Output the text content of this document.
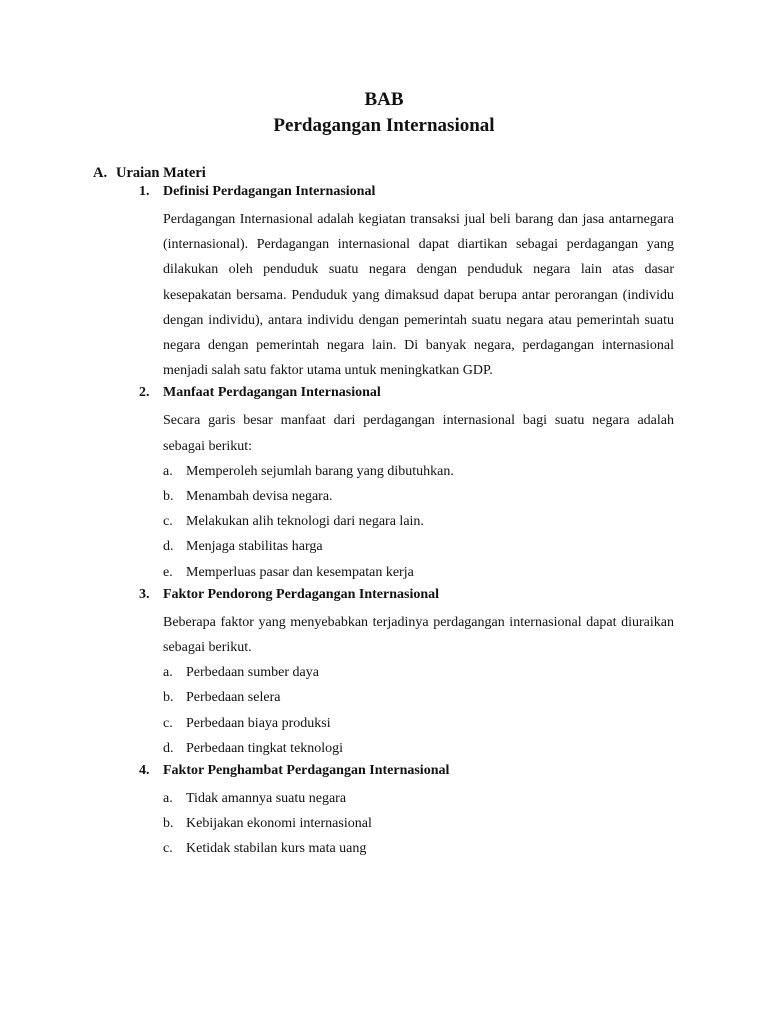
BAB
Perdagangan Internasional
A. Uraian Materi
1. Definisi Perdagangan Internasional

Perdagangan Internasional adalah kegiatan transaksi jual beli barang dan jasa antarnegara (internasional). Perdagangan internasional dapat diartikan sebagai perdagangan yang dilakukan oleh penduduk suatu negara dengan penduduk negara lain atas dasar kesepakatan bersama. Penduduk yang dimaksud dapat berupa antar perorangan (individu dengan individu), antara individu dengan pemerintah suatu negara atau pemerintah suatu negara dengan pemerintah negara lain. Di banyak negara, perdagangan internasional menjadi salah satu faktor utama untuk meningkatkan GDP.

2. Manfaat Perdagangan Internasional

Secara garis besar manfaat dari perdagangan internasional bagi suatu negara adalah sebagai berikut:

a. Memperoleh sejumlah barang yang dibutuhkan.
b. Menambah devisa negara.
c. Melakukan alih teknologi dari negara lain.
d. Menjaga stabilitas harga
e. Memperluas pasar dan kesempatan kerja
3. Faktor Pendorong Perdagangan Internasional

Beberapa faktor yang menyebabkan terjadinya perdagangan internasional dapat diuraikan sebagai berikut.

a. Perbedaan sumber daya
b. Perbedaan selera
c. Perbedaan biaya produksi
d. Perbedaan tingkat teknologi
4. Faktor Penghambat Perdagangan Internasional
a. Tidak amannya suatu negara
b. Kebijakan ekonomi internasional
c. Ketidak stabilan kurs mata uang
